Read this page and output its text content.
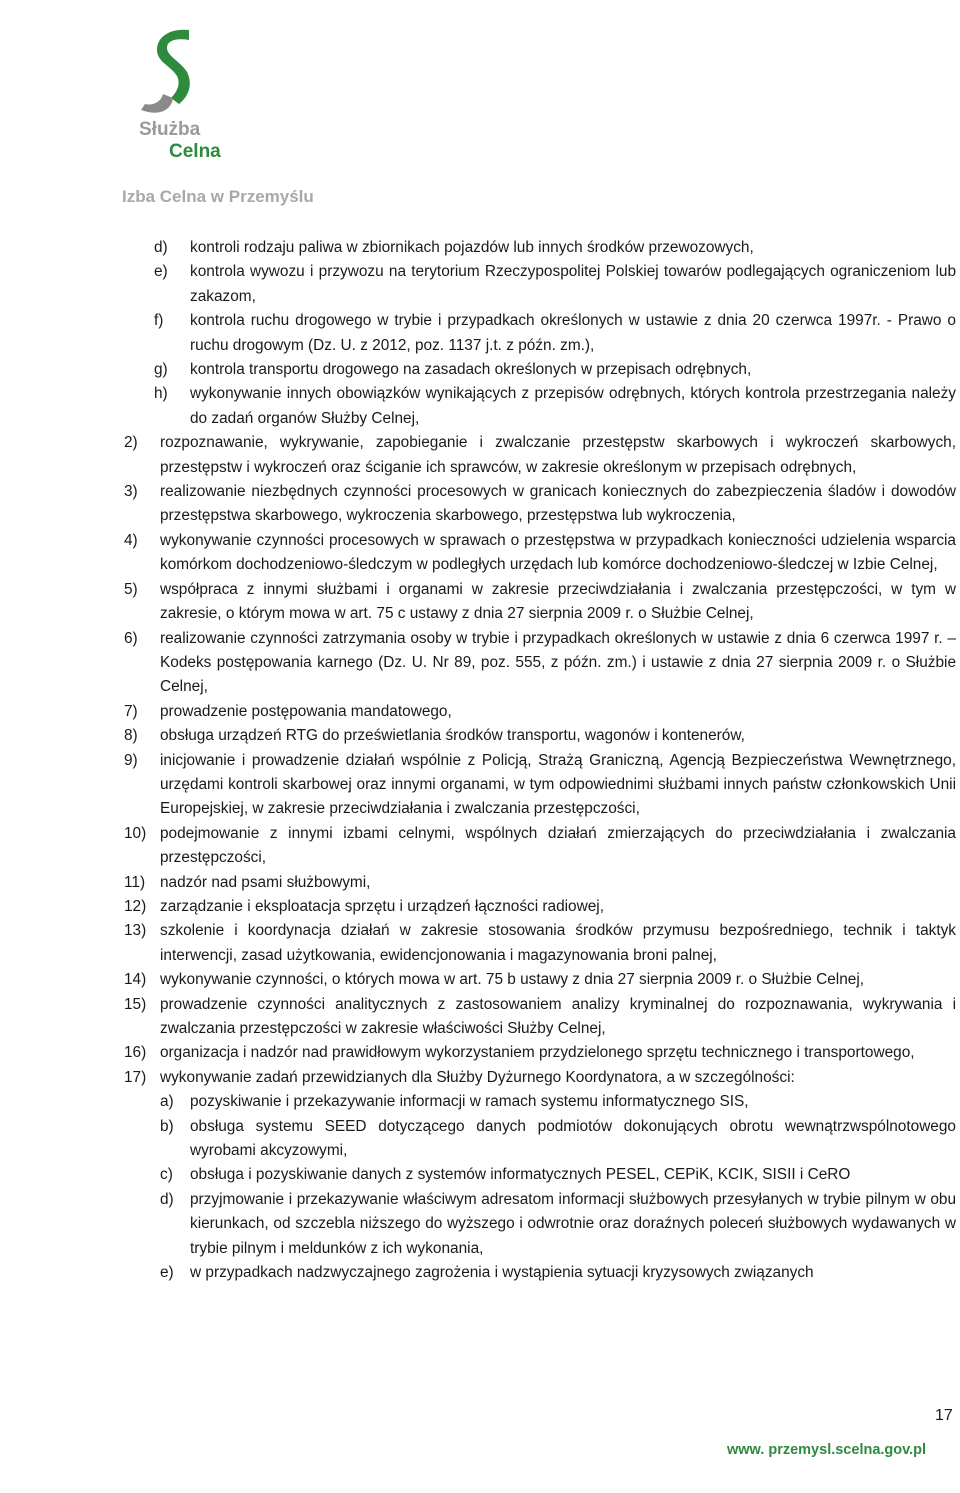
Służba
Celna
Izba Celna w Przemyślu
d)	kontroli rodzaju paliwa w zbiornikach pojazdów lub innych środków przewozowych,
e)	kontrola wywozu i przywozu na terytorium Rzeczypospolitej Polskiej towarów podlegających ograniczeniom lub zakazom,
f)	kontrola ruchu drogowego w trybie i przypadkach określonych w ustawie z dnia 20 czerwca 1997r. - Prawo o ruchu drogowym (Dz. U. z 2012, poz. 1137 j.t. z późn. zm.),
g)	kontrola transportu drogowego na zasadach określonych w przepisach odrębnych,
h)	wykonywanie innych obowiązków wynikających z przepisów odrębnych, których kontrola przestrzegania należy do zadań organów Służby Celnej,
2)	rozpoznawanie, wykrywanie, zapobieganie i zwalczanie przestępstw skarbowych i wykroczeń skarbowych, przestępstw i wykroczeń oraz ściganie ich sprawców, w zakresie określonym w przepisach odrębnych,
3)	realizowanie niezbędnych czynności procesowych w granicach koniecznych do zabezpieczenia śladów i dowodów przestępstwa skarbowego, wykroczenia skarbowego, przestępstwa lub wykroczenia,
4)	wykonywanie czynności procesowych w sprawach o przestępstwa w przypadkach konieczności udzielenia wsparcia komórkom dochodzeniowo-śledczym w podległych urzędach lub komórce dochodzeniowo-śledczej w Izbie Celnej,
5)	współpraca z innymi służbami i organami w zakresie przeciwdziałania i zwalczania przestępczości, w tym w zakresie, o którym mowa w art. 75 c ustawy z dnia 27 sierpnia 2009 r. o Służbie Celnej,
6)	realizowanie czynności zatrzymania osoby w trybie i przypadkach określonych w ustawie z dnia 6 czerwca 1997 r. – Kodeks postępowania karnego (Dz. U. Nr 89, poz. 555, z późn. zm.) i ustawie z dnia 27 sierpnia 2009 r. o Służbie Celnej,
7)	prowadzenie postępowania mandatowego,
8)	obsługa urządzeń RTG do prześwietlania środków transportu, wagonów i kontenerów,
9)	inicjowanie i prowadzenie działań wspólnie z Policją, Strażą Graniczną, Agencją Bezpieczeństwa Wewnętrznego, urzędami kontroli skarbowej oraz innymi organami, w tym odpowiednimi służbami innych państw członkowskich Unii Europejskiej, w zakresie przeciwdziałania i zwalczania przestępczości,
10) podejmowanie z innymi izbami celnymi, wspólnych działań zmierzających do przeciwdziałania i zwalczania przestępczości,
11) nadzór nad psami służbowymi,
12) zarządzanie i eksploatacja sprzętu i urządzeń łączności radiowej,
13) szkolenie i koordynacja działań w zakresie stosowania środków przymusu bezpośredniego, technik i taktyk interwencji, zasad użytkowania, ewidencjonowania i magazynowania broni palnej,
14) wykonywanie czynności, o których mowa w art. 75 b ustawy z dnia 27 sierpnia 2009 r. o Służbie Celnej,
15) prowadzenie czynności analitycznych z zastosowaniem analizy kryminalnej do rozpoznawania, wykrywania i zwalczania przestępczości w zakresie właściwości Służby Celnej,
16) organizacja i nadzór nad prawidłowym wykorzystaniem przydzielonego sprzętu technicznego i transportowego,
17) wykonywanie zadań przewidzianych dla Służby Dyżurnego Koordynatora, a w szczególności:
a)	pozyskiwanie i przekazywanie informacji w ramach systemu informatycznego SIS,
b)	obsługa systemu SEED dotyczącego danych podmiotów dokonujących obrotu wewnątrzwspólnotowego wyrobami akcyzowymi,
c)	obsługa i pozyskiwanie danych z systemów informatycznych PESEL, CEPiK, KCIK, SISII i CeRO
d)	przyjmowanie i przekazywanie właściwym adresatom informacji służbowych przesyłanych w trybie pilnym w obu kierunkach, od szczebla niższego do wyższego i odwrotnie oraz doraźnych poleceń służbowych wydawanych w trybie pilnym i meldunków z ich wykonania,
e)	w przypadkach nadzwyczajnego zagrożenia i wystąpienia sytuacji kryzysowych związanych
17
www. przemysl.scelna.gov.pl
